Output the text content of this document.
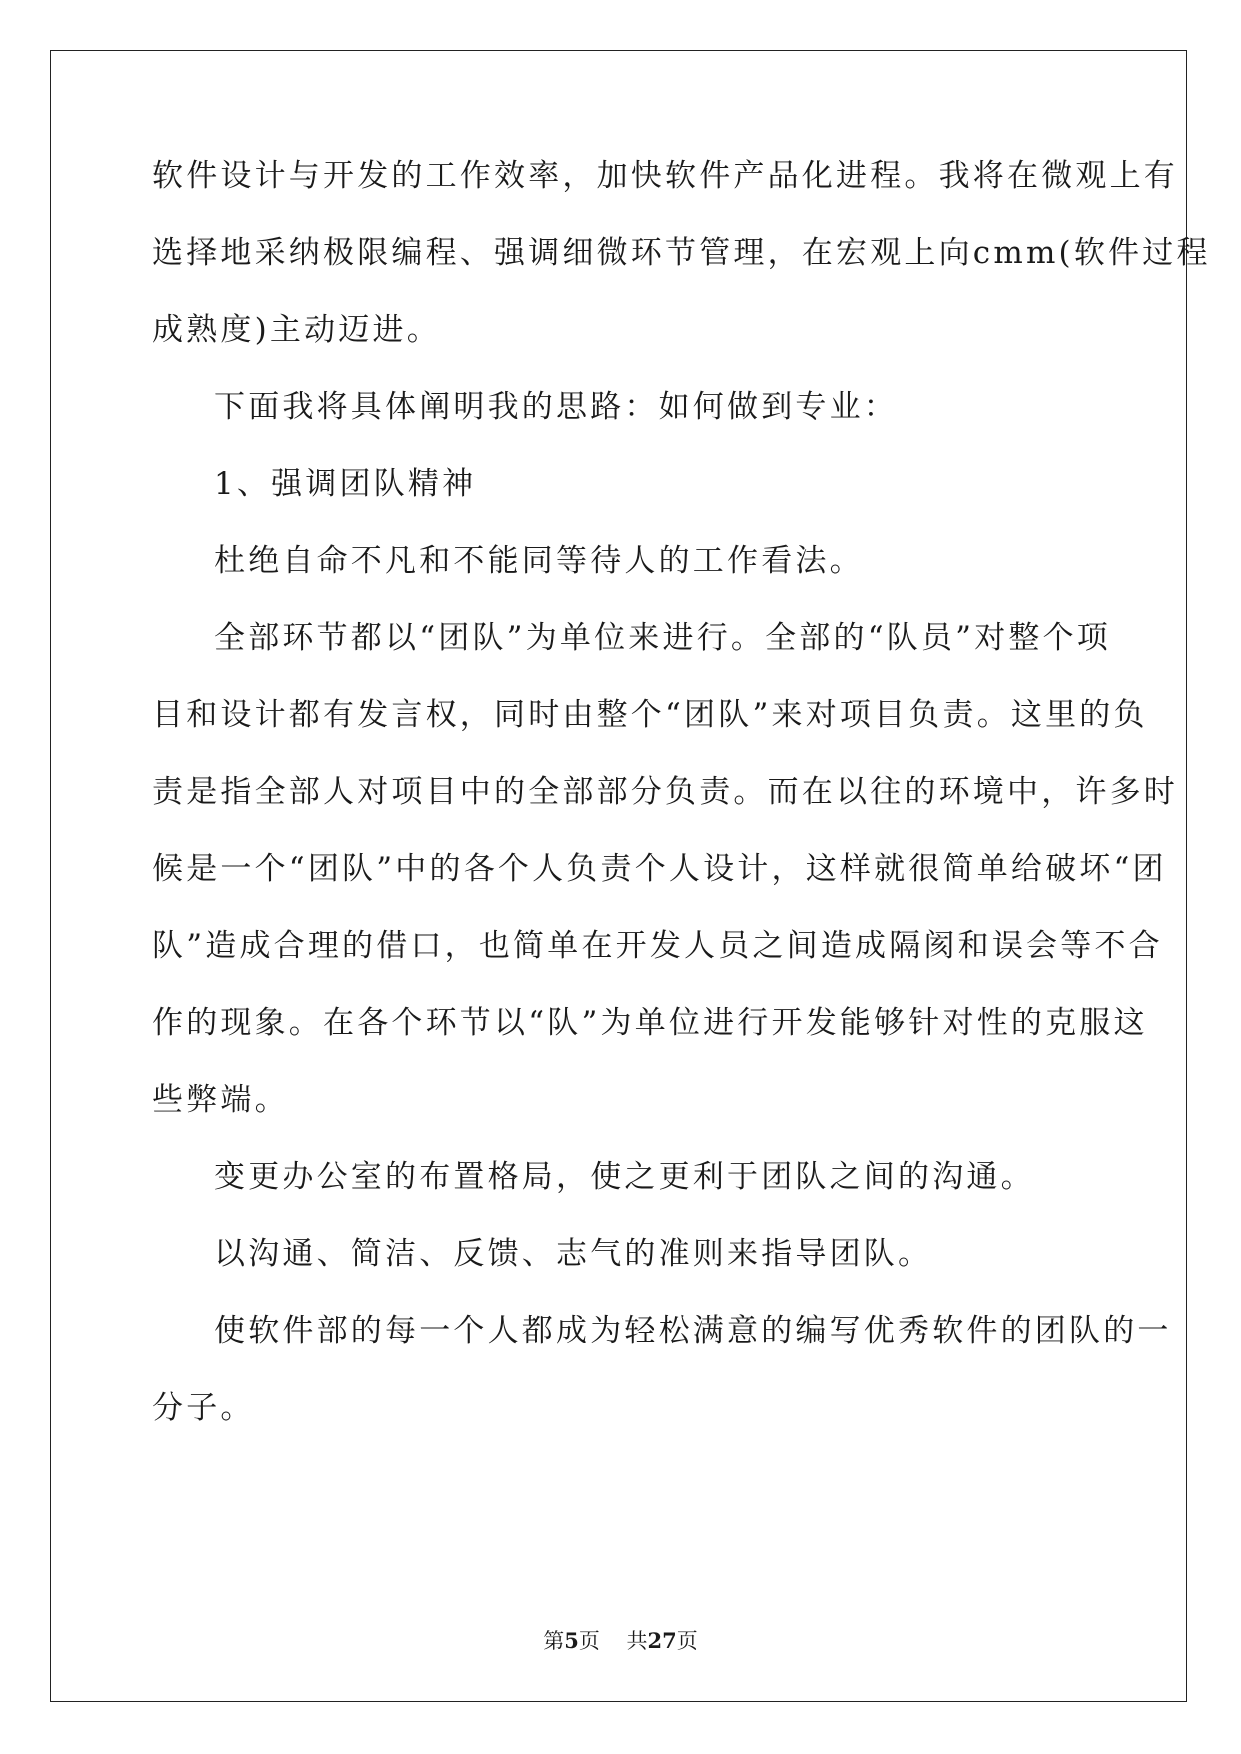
软件设计与开发的工作效率，加快软件产品化进程。我将在微观上有
选择地采纳极限编程、强调细微环节管理，在宏观上向cmm(软件过程
成熟度)主动迈进。
下面我将具体阐明我的思路：如何做到专业：
1、强调团队精神
杜绝自命不凡和不能同等待人的工作看法。
全部环节都以“团队”为单位来进行。全部的“队员”对整个项
目和设计都有发言权，同时由整个“团队”来对项目负责。这里的负
责是指全部人对项目中的全部部分负责。而在以往的环境中，许多时
候是一个“团队”中的各个人负责个人设计，这样就很简单给破坏“团
队”造成合理的借口，也简单在开发人员之间造成隔阂和误会等不合
作的现象。在各个环节以“队”为单位进行开发能够针对性的克服这
些弊端。
变更办公室的布置格局，使之更利于团队之间的沟通。
以沟通、简洁、反馈、志气的准则来指导团队。
使软件部的每一个人都成为轻松满意的编写优秀软件的团队的一
分子。
第5页 共27页
